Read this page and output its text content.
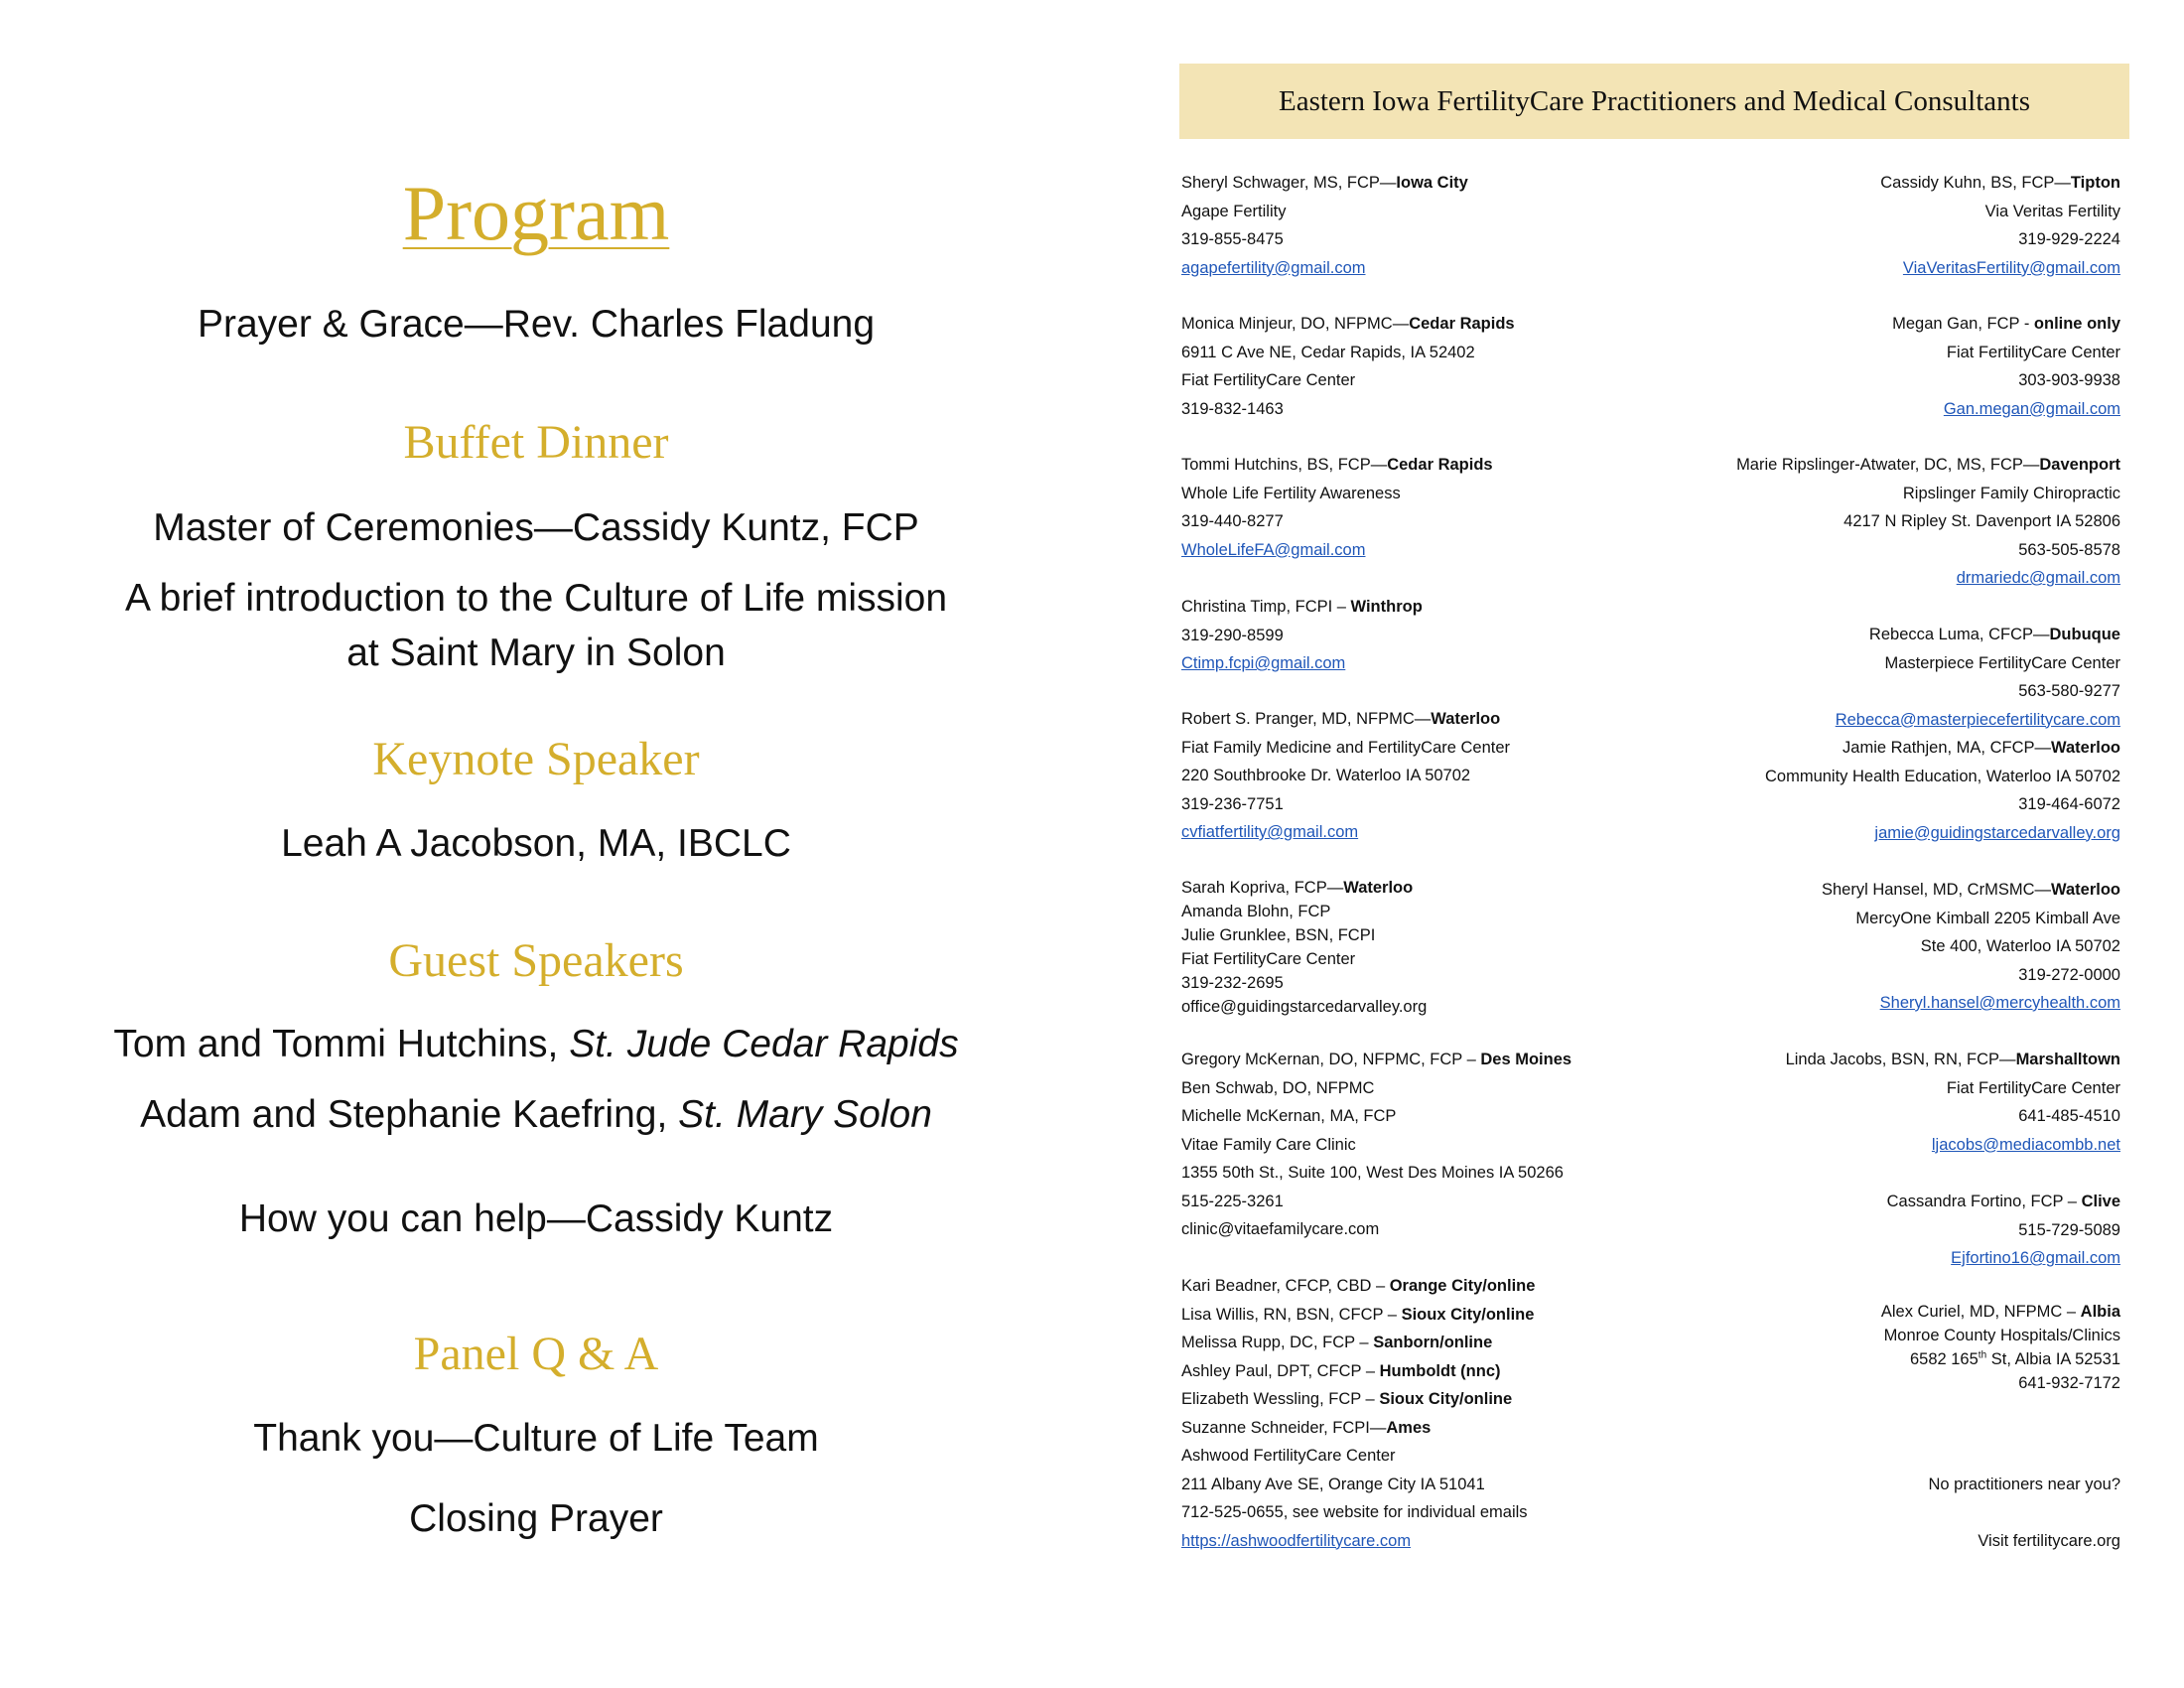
Program
Prayer & Grace—Rev. Charles Fladung
Buffet Dinner
Master of Ceremonies—Cassidy Kuntz, FCP
A brief introduction to the Culture of Life mission
at Saint Mary in Solon
Keynote Speaker
Leah A Jacobson, MA, IBCLC
Guest Speakers
Tom and Tommi Hutchins, St. Jude Cedar Rapids
Adam and Stephanie Kaefring, St. Mary Solon
How you can help—Cassidy Kuntz
Panel Q & A
Thank you—Culture of Life Team
Closing Prayer
Eastern Iowa FertilityCare Practitioners and Medical Consultants
Sheryl Schwager, MS, FCP—Iowa City
Agape Fertility
319-855-8475
agapefertility@gmail.com
Monica Minjeur, DO, NFPMC—Cedar Rapids
6911 C Ave NE, Cedar Rapids, IA 52402
Fiat FertilityCare Center
319-832-1463
Tommi Hutchins, BS, FCP—Cedar Rapids
Whole Life Fertility Awareness
319-440-8277
WholeLifeFA@gmail.com
Christina Timp, FCPI – Winthrop
319-290-8599
Ctimp.fcpi@gmail.com
Robert S. Pranger, MD, NFPMC—Waterloo
Fiat Family Medicine and FertilityCare Center
220 Southbrooke Dr. Waterloo IA 50702
319-236-7751
cvfiatfertility@gmail.com
Sarah Kopriva, FCP—Waterloo
Amanda Blohn, FCP
Julie Grunklee, BSN, FCPI
Fiat FertilityCare Center
319-232-2695
office@guidingstarcedarvalley.org
Gregory McKernan, DO, NFPMC, FCP – Des Moines
Ben Schwab, DO, NFPMC
Michelle McKernan, MA, FCP
Vitae Family Care Clinic
1355 50th St., Suite 100, West Des Moines IA 50266
515-225-3261
clinic@vitaefamilycare.com
Kari Beadner, CFCP, CBD – Orange City/online
Lisa Willis, RN, BSN, CFCP – Sioux City/online
Melissa Rupp, DC, FCP – Sanborn/online
Ashley Paul, DPT, CFCP – Humboldt (nnc)
Elizabeth Wessling, FCP – Sioux City/online
Suzanne Schneider, FCPI—Ames
Ashwood FertilityCare Center
211 Albany Ave SE, Orange City IA 51041
712-525-0655, see website for individual emails
https://ashwoodfertilitycare.com
Cassidy Kuhn, BS, FCP—Tipton
Via Veritas Fertility
319-929-2224
ViaVeritasFertility@gmail.com
Megan Gan, FCP - online only
Fiat FertilityCare Center
303-903-9938
Gan.megan@gmail.com
Marie Ripslinger-Atwater, DC, MS, FCP—Davenport
Ripslinger Family Chiropractic
4217 N Ripley St. Davenport IA 52806
563-505-8578
drmariedc@gmail.com
Rebecca Luma, CFCP—Dubuque
Masterpiece FertilityCare Center
563-580-9277
Rebecca@masterpiecefertilitycare.com
Jamie Rathjen, MA, CFCP—Waterloo
Community Health Education, Waterloo IA 50702
319-464-6072
jamie@guidingstarcedarvalley.org
Sheryl Hansel, MD, CrMSMC—Waterloo
MercyOne Kimball 2205 Kimball Ave
Ste 400, Waterloo IA 50702
319-272-0000
Sheryl.hansel@mercyhealth.com
Linda Jacobs, BSN, RN, FCP—Marshalltown
Fiat FertilityCare Center
641-485-4510
ljacobs@mediacombb.net
Cassandra Fortino, FCP – Clive
515-729-5089
Ejfortino16@gmail.com
Alex Curiel, MD, NFPMC – Albia
Monroe County Hospitals/Clinics
6582 165th St, Albia IA 52531
641-932-7172
No practitioners near you?
Visit fertilitycare.org
